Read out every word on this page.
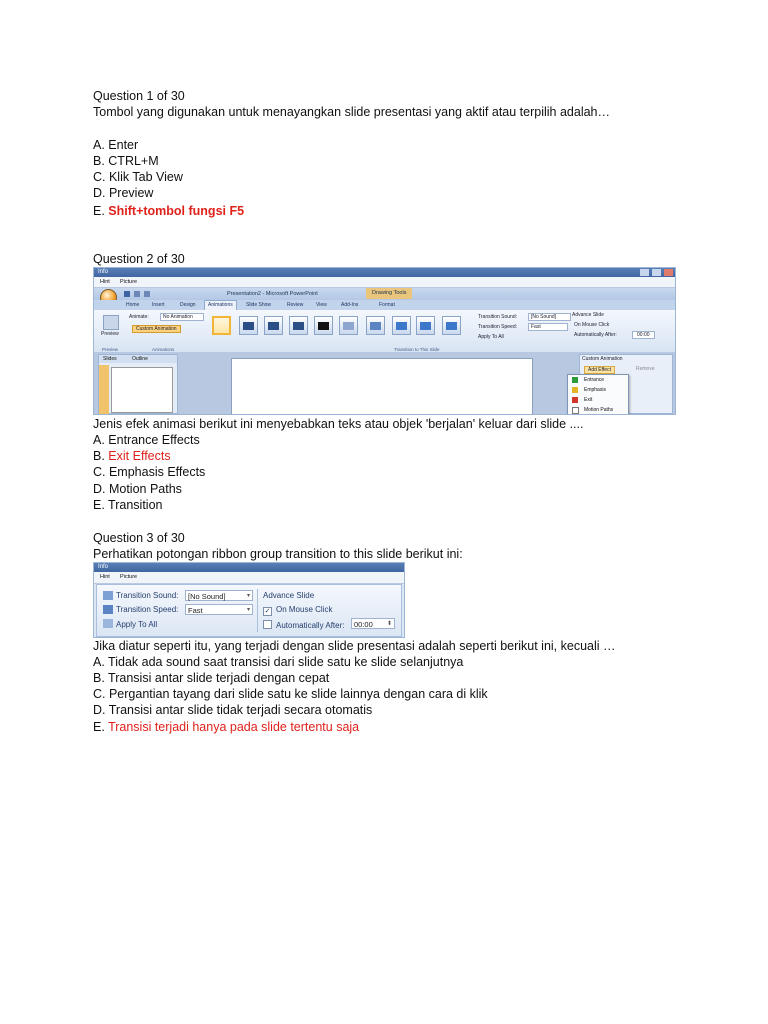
Question 1 of 30
Tombol yang digunakan untuk menayangkan slide presentasi yang aktif atau terpilih adalah…
A. Enter
B. CTRL+M
C. Klik Tab View
D. Preview
E. Shift+tombol fungsi F5
Question 2 of 30
Info
Hint Picture
Presentation2 - Microsoft PowerPoint	Drawing Tools
Home	Insert	Design	Animations	Slide Show	Review	View	Add-Ins	Format
Preview
Animate:	No Animation
Custom Animation
Preview	Animations	Transition to This Slide
Transition Sound:	[No Sound]
Transition Speed:	Fast
Apply To All
Advance Slide
On Mouse Click
Automatically After:	00:00
Slides	Outline	Custom Animation
Add Effect	Remove
Entrance
Emphasis
Exit
Motion Paths
Jenis efek animasi berikut ini menyebabkan teks atau objek 'berjalan' keluar dari slide ....
A. Entrance Effects
B. Exit Effects
C. Emphasis Effects
D. Motion Paths
E. Transition
Question 3 of 30
Perhatikan potongan ribbon group transition to this slide berikut ini:
Info
Hint Picture
Transition Sound:	[No Sound]	▾
Transition Speed:	Fast	▾
Apply To All
Advance Slide
✓ On Mouse Click
Automatically After:	00:00 ⬍
Jika diatur seperti itu, yang terjadi dengan slide presentasi adalah seperti berikut ini, kecuali …
A. Tidak ada sound saat transisi dari slide satu ke slide selanjutnya
B. Transisi antar slide terjadi dengan cepat
C. Pergantian tayang dari slide satu ke slide lainnya dengan cara di klik
D. Transisi antar slide tidak terjadi secara otomatis
E. Transisi terjadi hanya pada slide tertentu saja
